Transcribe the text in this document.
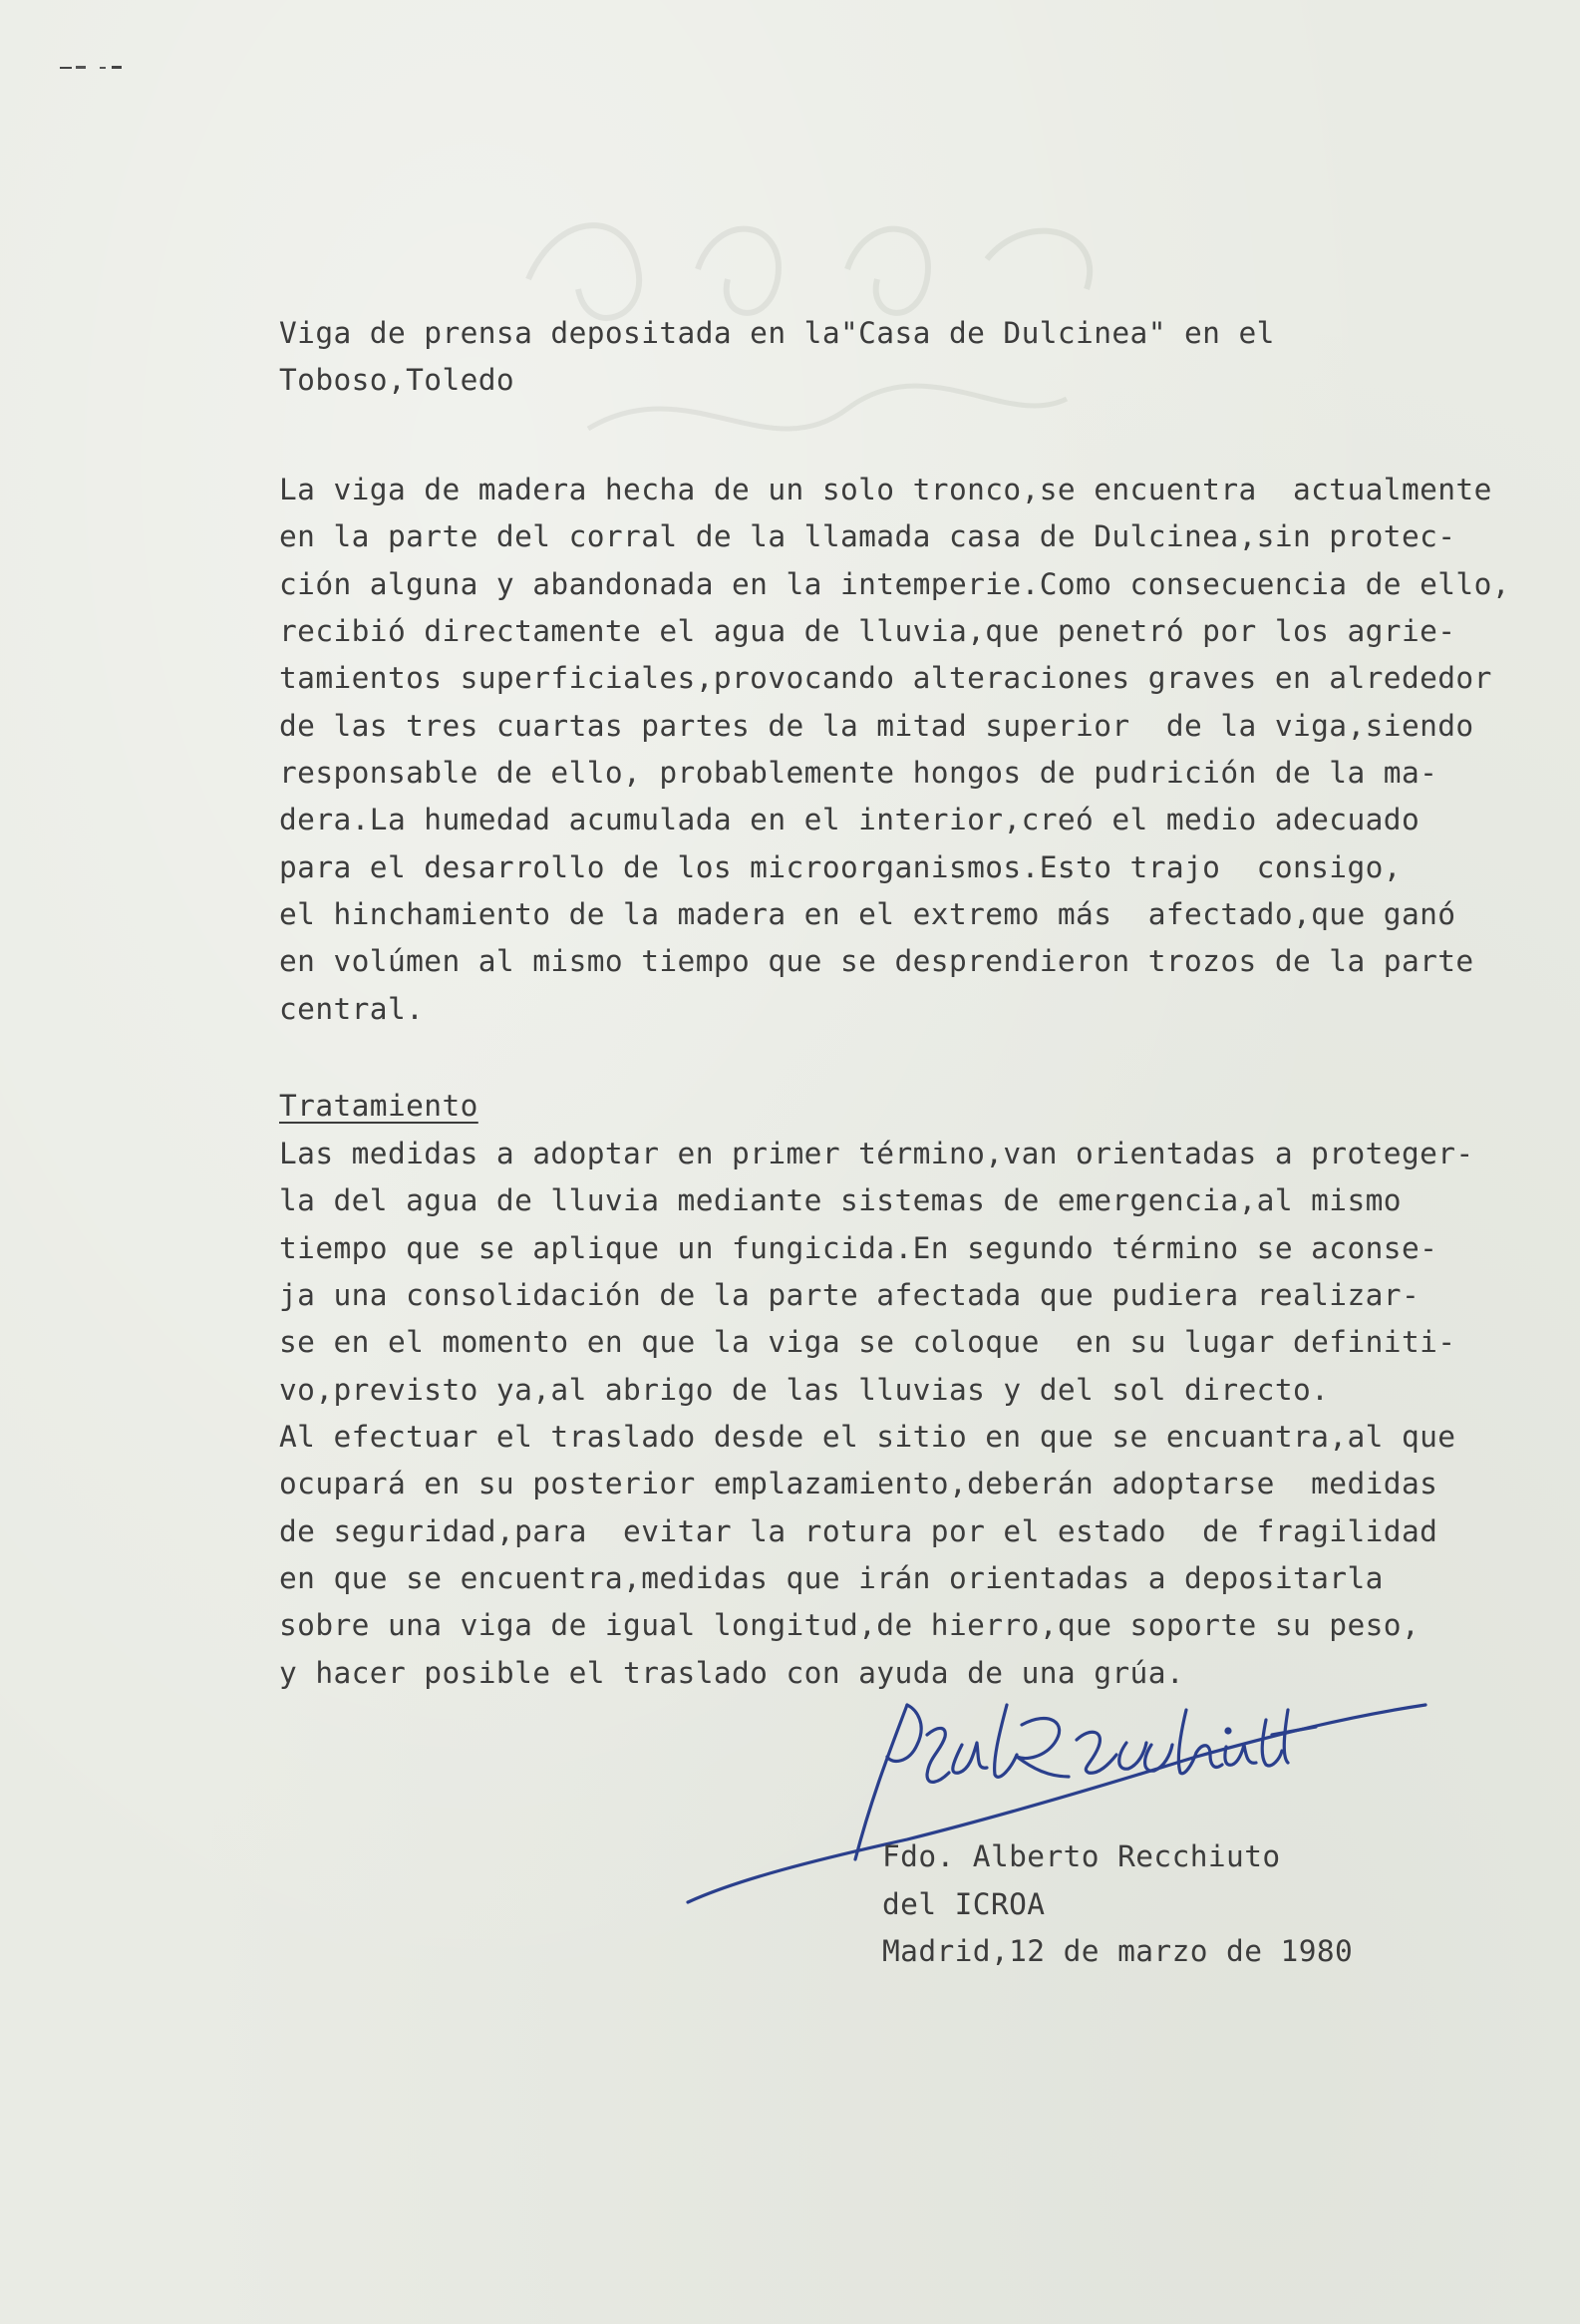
Viga de prensa depositada en la"Casa de Dulcinea" en el
Toboso,Toledo
La viga de madera hecha de un solo tronco,se encuentra  actualmente
en la parte del corral de la llamada casa de Dulcinea,sin protec-
ción alguna y abandonada en la intemperie.Como consecuencia de ello,
recibió directamente el agua de lluvia,que penetró por los agrie-
tamientos superficiales,provocando alteraciones graves en alrededor
de las tres cuartas partes de la mitad superior  de la viga,siendo
responsable de ello, probablemente hongos de pudrición de la ma-
dera.La humedad acumulada en el interior,creó el medio adecuado
para el desarrollo de los microorganismos.Esto trajo  consigo,
el hinchamiento de la madera en el extremo más  afectado,que ganó
en volúmen al mismo tiempo que se desprendieron trozos de la parte
central.
Tratamiento
Las medidas a adoptar en primer término,van orientadas a proteger-
la del agua de lluvia mediante sistemas de emergencia,al mismo
tiempo que se aplique un fungicida.En segundo término se aconse-
ja una consolidación de la parte afectada que pudiera realizar-
se en el momento en que la viga se coloque  en su lugar definiti-
vo,previsto ya,al abrigo de las lluvias y del sol directo.
Al efectuar el traslado desde el sitio en que se encuantra,al que
ocupará en su posterior emplazamiento,deberán adoptarse  medidas
de seguridad,para  evitar la rotura por el estado  de fragilidad
en que se encuentra,medidas que irán orientadas a depositarla
sobre una viga de igual longitud,de hierro,que soporte su peso,
y hacer posible el traslado con ayuda de una grúa.
Fdo. Alberto Recchiuto
del ICROA
Madrid,12 de marzo de 1980
